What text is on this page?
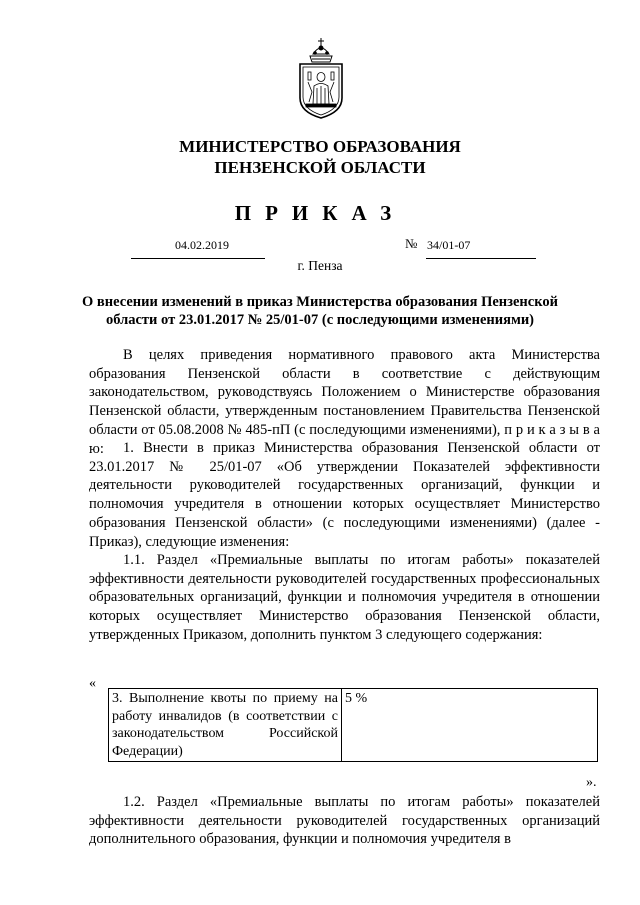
МИНИСТЕРСТВО ОБРАЗОВАНИЯ
ПЕНЗЕНСКОЙ ОБЛАСТИ
ПРИКАЗ
04.02.2019	№ 34/01-07
г. Пенза
О внесении изменений в приказ Министерства образования Пензенской
области от 23.01.2017 № 25/01-07 (с последующими изменениями)
В целях приведения нормативного правового акта Министерства образования Пензенской области в соответствие с действующим законодательством, руководствуясь Положением о Министерстве образования Пензенской области, утвержденным постановлением Правительства Пензенской области от 05.08.2008 № 485-пП (с последующими изменениями), п р и к а з ы в а ю:	1. Внести в приказ Министерства образования Пензенской области от 23.01.2017 № 25/01-07 «Об утверждении Показателей эффективности деятельности руководителей государственных организаций, функции и полномочия учредителя в отношении которых осуществляет Министерство образования Пензенской области» (с последующими изменениями) (далее - Приказ), следующие изменения:
1.1. Раздел «Премиальные выплаты по итогам работы» показателей эффективности деятельности руководителей государственных профессиональных образовательных организаций, функции и полномочия учредителя в отношении которых осуществляет Министерство образования Пензенской области, утвержденных Приказом, дополнить пунктом 3 следующего содержания:
«
3. Выполнение квоты по приему на работу инвалидов (в соответствии с законодательством Российской Федерации)	5 %
».
1.2. Раздел «Премиальные выплаты по итогам работы» показателей эффективности деятельности руководителей государственных организаций дополнительного образования, функции и полномочия учредителя в
